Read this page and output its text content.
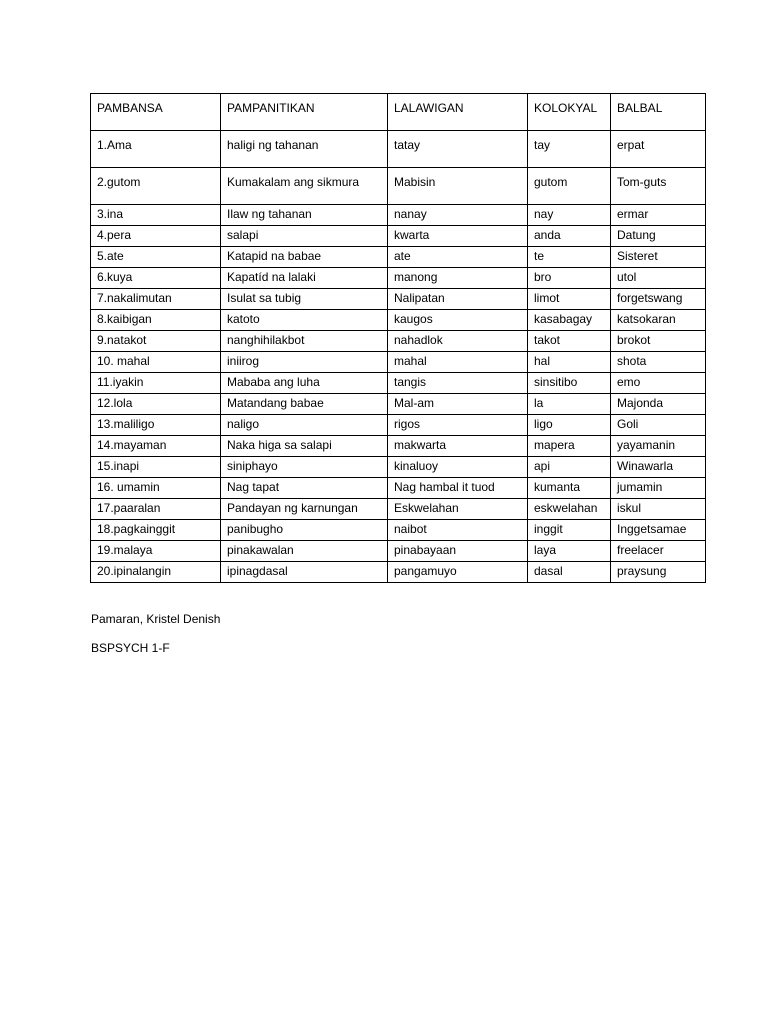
PAMBANSA	PAMPANITIKAN	LALAWIGAN	KOLOKYAL	BALBAL
1.Ama	haligi ng tahanan	tatay	tay	erpat
2.gutom	Kumakalam ang sikmura	Mabisin	gutom	Tom-guts
3.ina	Ilaw ng tahanan	nanay	nay	ermar
4.pera	salapi	kwarta	anda	Datung
5.ate	Katapid na babae	ate	te	Sisteret
6.kuya	Kapatíd na lalaki	manong	bro	utol
7.nakalimutan	Isulat sa tubig	Nalipatan	limot	forgetswang
8.kaibigan	katoto	kaugos	kasabagay	katsokaran
9.natakot	nanghihilakbot	nahadlok	takot	brokot
10. mahal	iniirog	mahal	hal	shota
11.iyakin	Mababa ang luha	tangis	sinsitibo	emo
12.lola	Matandang babae	Mal-am	la	Majonda
13.maliligo	naligo	rigos	ligo	Goli
14.mayaman	Naka higa sa salapi	makwarta	mapera	yayamanin
15.inapi	siniphayo	kinaluoy	api	Winawarla
16. umamin	Nag tapat	Nag hambal it tuod	kumanta	jumamin
17.paaralan	Pandayan ng karnungan	Eskwelahan	eskwelahan	iskul
18.pagkainggit	panibugho	naibot	inggit	Inggetsamae
19.malaya	pinakawalan	pinabayaan	laya	freelacer
20.ipinalangin	ipinagdasal	pangamuyo	dasal	praysung
Pamaran, Kristel Denish
BSPSYCH 1-F
